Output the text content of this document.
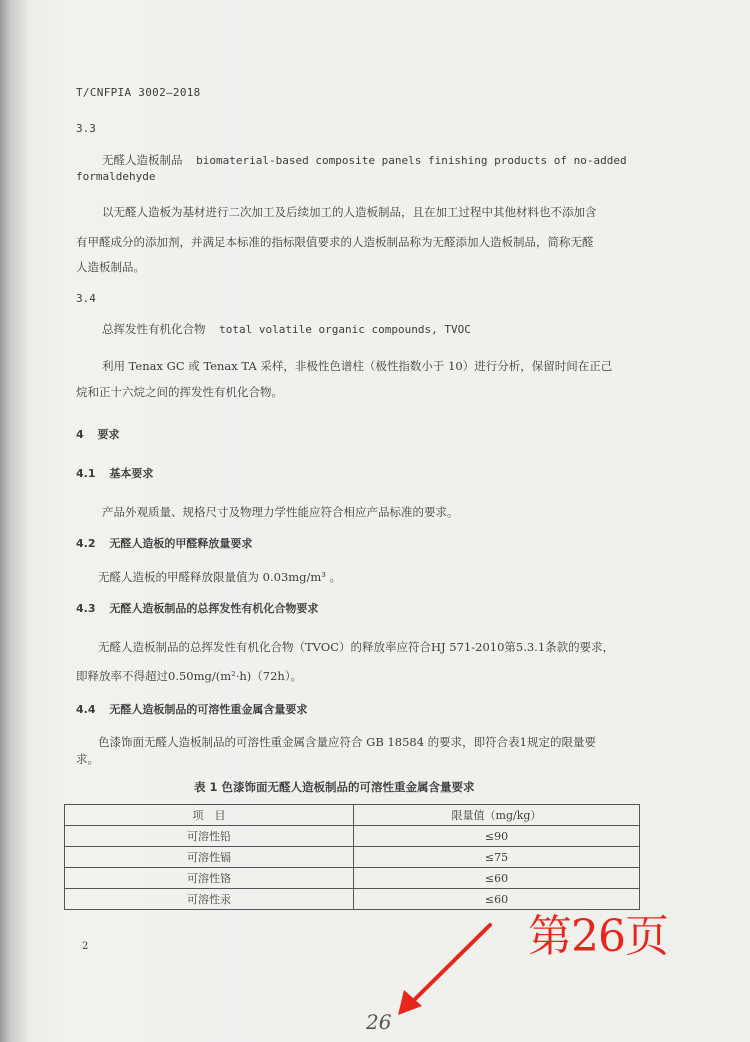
T/CNFPIA 3002—2018
3.3
无醛人造板制品 biomaterial-based composite panels finishing products of no-added
formaldehyde
以无醛人造板为基材进行二次加工及后续加工的人造板制品，且在加工过程中其他材料也不添加含
有甲醛成分的添加剂，并满足本标准的指标限值要求的人造板制品称为无醛添加人造板制品，简称无醛
人造板制品。
3.4
总挥发性有机化合物 total volatile organic compounds, TVOC
利用 Tenax GC 或 Tenax TA 采样，非极性色谱柱（极性指数小于 10）进行分析，保留时间在正己
烷和正十六烷之间的挥发性有机化合物。
4 要求
4.1 基本要求
产品外观质量、规格尺寸及物理力学性能应符合相应产品标准的要求。
4.2 无醛人造板的甲醛释放量要求
无醛人造板的甲醛释放限量值为 0.03mg/m³ 。
4.3 无醛人造板制品的总挥发性有机化合物要求
无醛人造板制品的总挥发性有机化合物（TVOC）的释放率应符合HJ 571-2010第5.3.1条款的要求，
即释放率不得超过0.50mg/(m²·h)（72h）。
4.4 无醛人造板制品的可溶性重金属含量要求
色漆饰面无醛人造板制品的可溶性重金属含量应符合 GB 18584 的要求，即符合表1规定的限量要
求。
表 1 色漆饰面无醛人造板制品的可溶性重金属含量要求
项　目	限量值（mg/kg）
可溶性铅	≤90
可溶性镉	≤75
可溶性铬	≤60
可溶性汞	≤60
2	第26页
26
